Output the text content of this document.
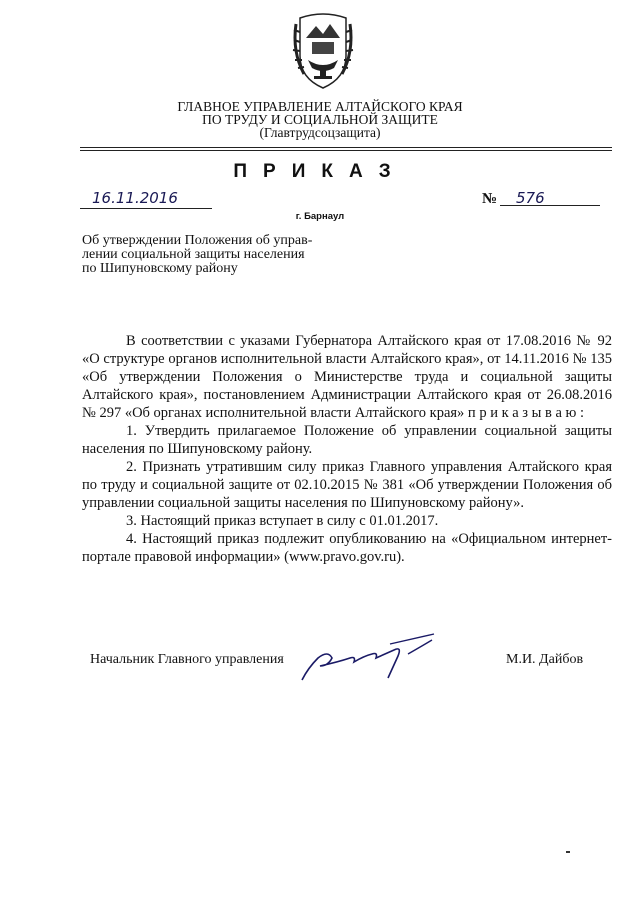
ГЛАВНОЕ УПРАВЛЕНИЕ АЛТАЙСКОГО КРАЯ
ПО ТРУДУ И СОЦИАЛЬНОЙ ЗАЩИТЕ
(Главтрудсоцзащита)
ПРИКАЗ
16.11.2016	№ 576
г. Барнаул
Об утверждении Положения об управ-
лении социальной защиты населения
по Шипуновскому району

В соответствии с указами Губернатора Алтайского края от 17.08.2016 № 92 «О структуре органов исполнительной власти Алтайского края», от 14.11.2016 № 135 «Об утверждении Положения о Министерстве труда и социальной защиты Алтайского края», постановлением Администрации Алтайского края от 26.08.2016 № 297 «Об органах исполнительной власти Алтайского края» п р и к а з ы в а ю :

1. Утвердить прилагаемое Положение об управлении социальной защиты населения по Шипуновскому району.

2. Признать утратившим силу приказ Главного управления Алтайского края по труду и социальной защите от 02.10.2015 № 381 «Об утверждении Положения об управлении социальной защиты населения по Шипуновскому району».

3. Настоящий приказ вступает в силу с 01.01.2017.

4. Настоящий приказ подлежит опубликованию на «Официальном интернет-портале правовой информации» (www.pravo.gov.ru).

Начальник Главного управления	М.И. Дайбов
